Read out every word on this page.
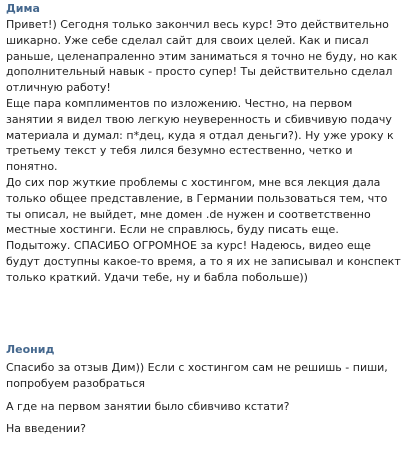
Дима
Привет!) Сегодня только закончил весь курс! Это действительно
шикарно. Уже себе сделал сайт для своих целей. Как и писал
раньше, целенапраленно этим заниматься я точно не буду, но как
дополнительный навык - просто супер! Ты действительно сделал
отличную работу!
Еще пара комплиментов по изложению. Честно, на первом
занятии я видел твою легкую неуверенность и сбивчивую подачу
материала и думал: п*дец, куда я отдал деньги?). Ну уже уроку к
третьему текст у тебя лился безумно естественно, четко и
понятно.
До сих пор жуткие проблемы с хостингом, мне вся лекция дала
только общее представление, в Германии пользоваться тем, что
ты описал, не выйдет, мне домен .de нужен и соответственно
местные хостинги. Если не справлюсь, буду писать еще.
Подытожу. СПАСИБО ОГРОМНОЕ за курс! Надеюсь, видео еще
будут доступны какое-то время, а то я их не записывал и конспект
только краткий. Удачи тебе, ну и бабла побольше))
Леонид
Спасибо за отзыв Дим)) Если с хостингом сам не решишь - пиши,
попробуем разобраться
А где на первом занятии было сбивчиво кстати?
На введении?
